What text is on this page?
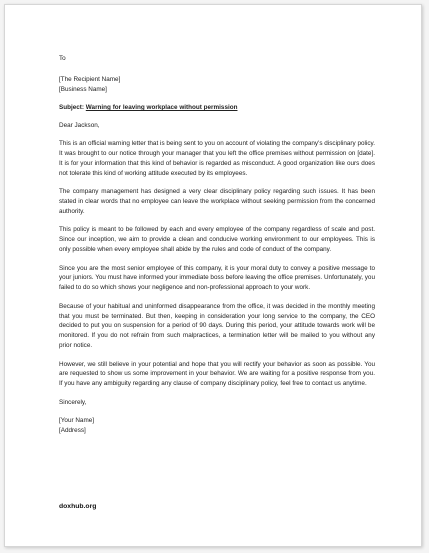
To
[The Recipient Name]
[Business Name]
Subject: Warning for leaving workplace without permission

Dear Jackson,

This is an official warning letter that is being sent to you on account of violating the company's disciplinary policy. It was brought to our notice through your manager that you left the office premises without permission on [date]. It is for your information that this kind of behavior is regarded as misconduct. A good organization like ours does not tolerate this kind of working attitude executed by its employees.

The company management has designed a very clear disciplinary policy regarding such issues. It has been stated in clear words that no employee can leave the workplace without seeking permission from the concerned authority.

This policy is meant to be followed by each and every employee of the company regardless of scale and post. Since our inception, we aim to provide a clean and conducive working environment to our employees. This is only possible when every employee shall abide by the rules and code of conduct of the company.

Since you are the most senior employee of this company, it is your moral duty to convey a positive message to your juniors. You must have informed your immediate boss before leaving the office premises. Unfortunately, you failed to do so which shows your negligence and non-professional approach to your work.

Because of your habitual and uninformed disappearance from the office, it was decided in the monthly meeting that you must be terminated. But then, keeping in consideration your long service to the company, the CEO decided to put you on suspension for a period of 90 days. During this period, your attitude towards work will be monitored. If you do not refrain from such malpractices, a termination letter will be mailed to you without any prior notice.

However, we still believe in your potential and hope that you will rectify your behavior as soon as possible. You are requested to show us some improvement in your behavior. We are waiting for a positive response from you. If you have any ambiguity regarding any clause of company disciplinary policy, feel free to contact us anytime.

Sincerely,

[Your Name]
[Address]
doxhub.org
